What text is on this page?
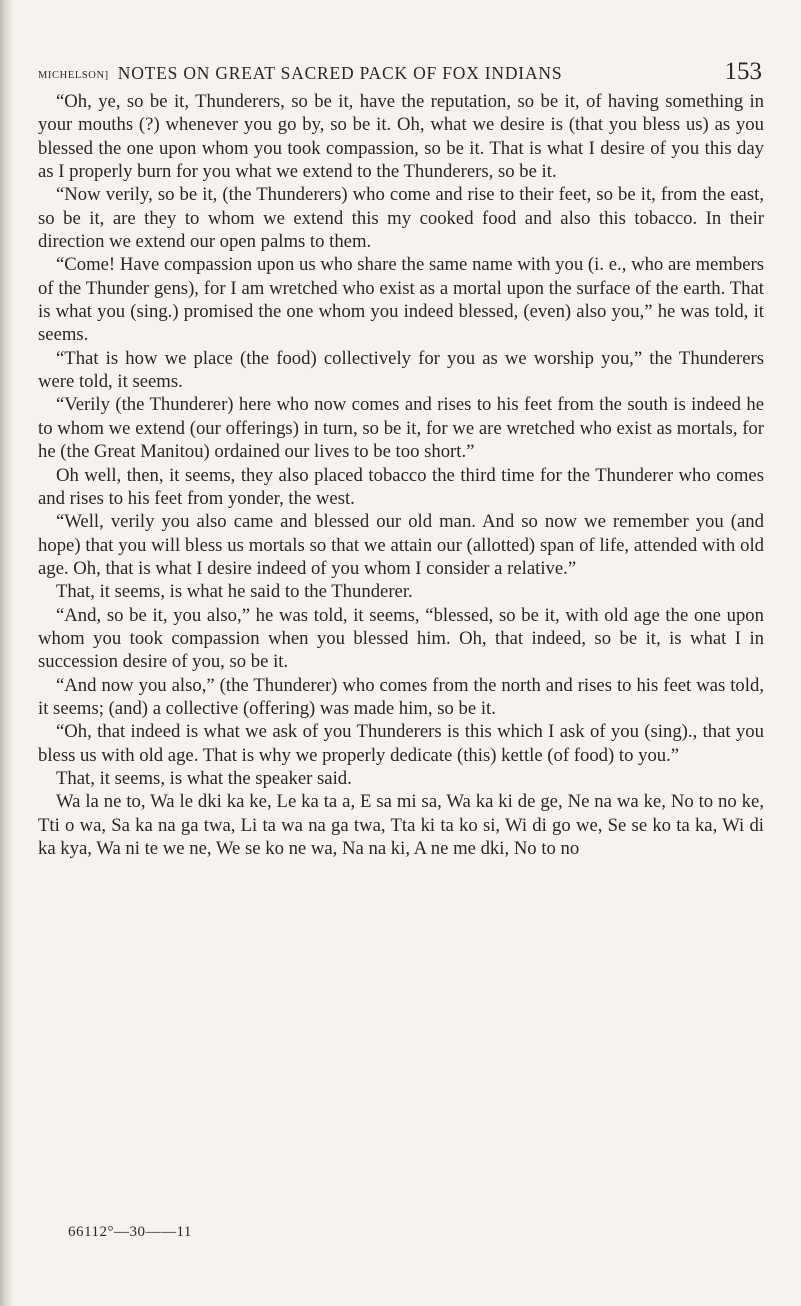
MICHELSON] NOTES ON GREAT SACRED PACK OF FOX INDIANS	153

“Oh, ye, so be it, Thunderers, so be it, have the reputation, so be it, of having something in your mouths (?) whenever you go by, so be it. Oh, what we desire is (that you bless us) as you blessed the one upon whom you took compassion, so be it. That is what I desire of you this day as I properly burn for you what we extend to the Thunderers, so be it.

“Now verily, so be it, (the Thunderers) who come and rise to their feet, so be it, from the east, so be it, are they to whom we extend this my cooked food and also this tobacco. In their direction we extend our open palms to them.

“Come! Have compassion upon us who share the same name with you (i. e., who are members of the Thunder gens), for I am wretched who exist as a mortal upon the surface of the earth. That is what you (sing.) promised the one whom you indeed blessed, (even) also you,” he was told, it seems.

“That is how we place (the food) collectively for you as we worship you,” the Thunderers were told, it seems.

“Verily (the Thunderer) here who now comes and rises to his feet from the south is indeed he to whom we extend (our offerings) in turn, so be it, for we are wretched who exist as mortals, for he (the Great Manitou) ordained our lives to be too short.”

Oh well, then, it seems, they also placed tobacco the third time for the Thunderer who comes and rises to his feet from yonder, the west.

“Well, verily you also came and blessed our old man. And so now we remember you (and hope) that you will bless us mortals so that we attain our (allotted) span of life, attended with old age. Oh, that is what I desire indeed of you whom I consider a relative.”

That, it seems, is what he said to the Thunderer.

“And, so be it, you also,” he was told, it seems, “blessed, so be it, with old age the one upon whom you took compassion when you blessed him. Oh, that indeed, so be it, is what I in succession desire of you, so be it.

“And now you also,” (the Thunderer) who comes from the north and rises to his feet was told, it seems; (and) a collective (offering) was made him, so be it.

“Oh, that indeed is what we ask of you Thunderers is this which I ask of you (sing)., that you bless us with old age. That is why we properly dedicate (this) kettle (of food) to you.”

That, it seems, is what the speaker said.

Wa la ne to, Wa le dki ka ke, Le ka ta a, E sa mi sa, Wa ka ki de ge, Ne na wa ke, No to no ke, Tti o wa, Sa ka na ga twa, Li ta wa na ga twa, Tta ki ta ko si, Wi di go we, Se se ko ta ka, Wi di ka kya, Wa ni te we ne, We se ko ne wa, Na na ki, A ne me dki, No to no

66112°—30——11
